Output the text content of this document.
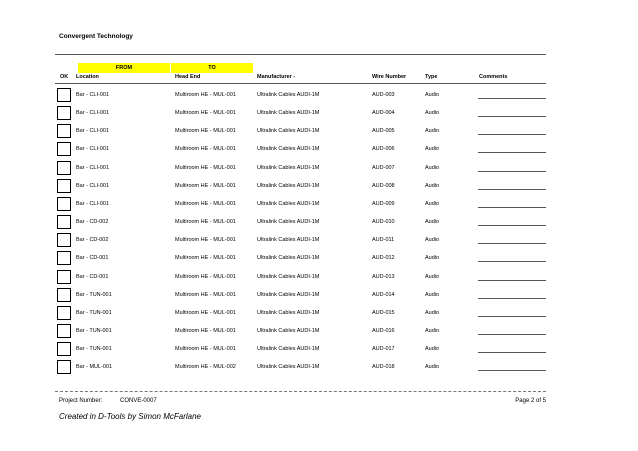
Convergent Technology
FROM	TO
OK Location	Head End	Manufacturer -	Wire Number	Type	Comments
Bar - CLI-001	Multiroom HE - MUL-001	Ultralink Cables AUDI-1M	AUD-003	Audio
Bar - CLI-001	Multiroom HE - MUL-001	Ultralink Cables AUDI-1M	AUD-004	Audio
Bar - CLI-001	Multiroom HE - MUL-001	Ultralink Cables AUDI-1M	AUD-005	Audio
Bar - CLI-001	Multiroom HE - MUL-001	Ultralink Cables AUDI-1M	AUD-006	Audio
Bar - CLI-001	Multiroom HE - MUL-001	Ultralink Cables AUDI-1M	AUD-007	Audio
Bar - CLI-001	Multiroom HE - MUL-001	Ultralink Cables AUDI-1M	AUD-008	Audio
Bar - CLI-001	Multiroom HE - MUL-001	Ultralink Cables AUDI-1M	AUD-009	Audio
Bar - CD-002	Multiroom HE - MUL-001	Ultralink Cables AUDI-1M	AUD-010	Audio
Bar - CD-002	Multiroom HE - MUL-001	Ultralink Cables AUDI-1M	AUD-011	Audio
Bar - CD-001	Multiroom HE - MUL-001	Ultralink Cables AUDI-1M	AUD-012	Audio
Bar - CD-001	Multiroom HE - MUL-001	Ultralink Cables AUDI-1M	AUD-013	Audio
Bar - TUN-001	Multiroom HE - MUL-001	Ultralink Cables AUDI-1M	AUD-014	Audio
Bar - TUN-001	Multiroom HE - MUL-001	Ultralink Cables AUDI-1M	AUD-015	Audio
Bar - TUN-001	Multiroom HE - MUL-001	Ultralink Cables AUDI-1M	AUD-016	Audio
Bar - TUN-001	Multiroom HE - MUL-001	Ultralink Cables AUDI-1M	AUD-017	Audio
Bar - MUL-001	Multiroom HE - MUL-002	Ultralink Cables AUDI-1M	AUD-018	Audio
Project Number:	CONVE-0007	Page 2 of 5
Created in D-Tools by Simon McFarlane
